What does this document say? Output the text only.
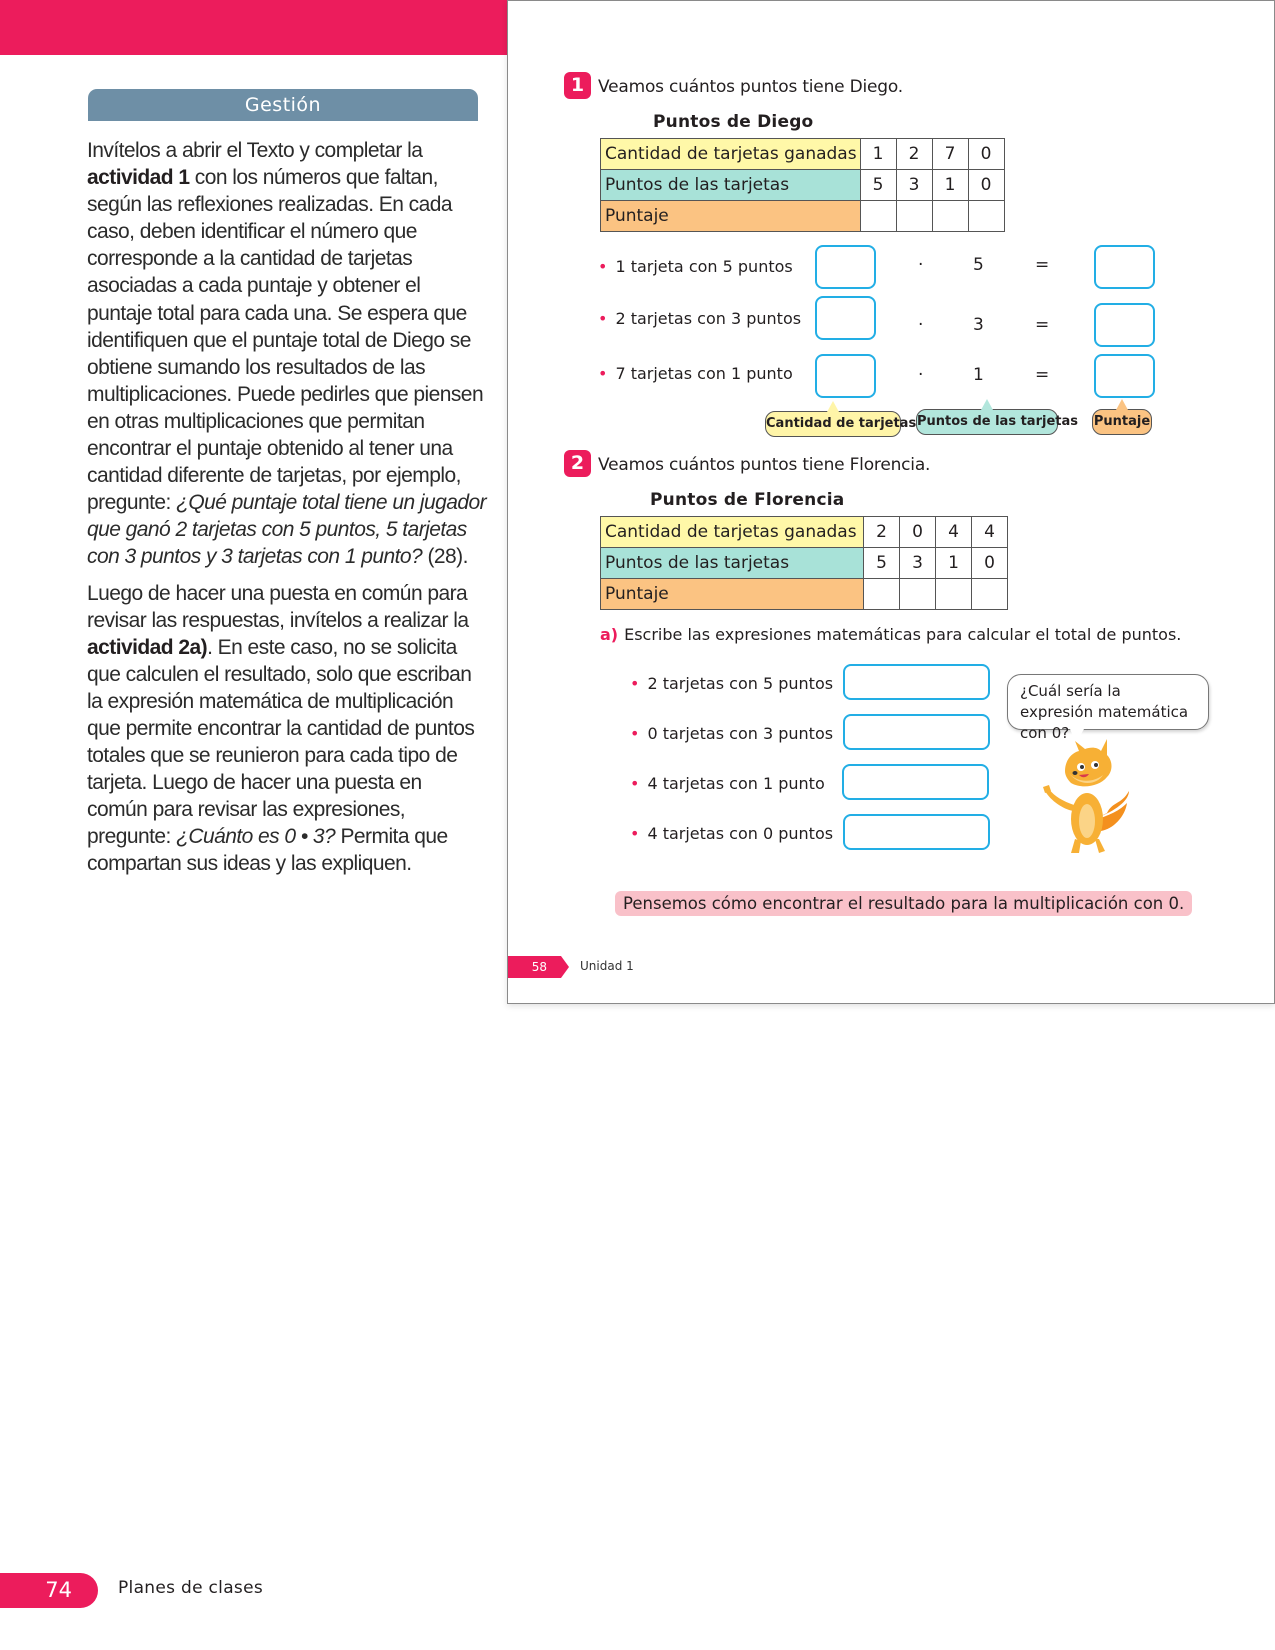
Gestión

Invítelos a abrir el Texto y completar la actividad 1 con los números que faltan, según las reflexiones realizadas. En cada caso, deben identificar el número que corresponde a la cantidad de tarjetas asociadas a cada puntaje y obtener el puntaje total para cada una. Se espera que identifiquen que el puntaje total de Diego se obtiene sumando los resultados de las multiplicaciones. Puede pedirles que piensen en otras multiplicaciones que permitan encontrar el puntaje obtenido al tener una cantidad diferente de tarjetas, por ejemplo, pregunte: ¿Qué puntaje total tiene un jugador que ganó 2 tarjetas con 5 puntos, 5 tarjetas con 3 puntos y 3 tarjetas con 1 punto? (28).

Luego de hacer una puesta en común para revisar las respuestas, invítelos a realizar la actividad 2a). En este caso, no se solicita que calculen el resultado, solo que escriban la expresión matemática de multiplicación que permite encontrar la cantidad de puntos totales que se reunieron para cada tipo de tarjeta. Luego de hacer una puesta en común para revisar las expresiones, pregunte: ¿Cuánto es 0 • 3? Permita que compartan sus ideas y las expliquen.

1 Veamos cuántos puntos tiene Diego.
Puntos de Diego
Cantidad de tarjetas ganadas	1	2	7	0
Puntos de las tarjetas	5	3	1	0
Puntaje				
• 1 tarjeta con 5 puntos	·	5	=
• 2 tarjetas con 3 puntos	·	3	=
• 7 tarjetas con 1 punto	·	1	=
Cantidad de tarjetas Puntos de las tarjetas Puntaje
2 Veamos cuántos puntos tiene Florencia.
Puntos de Florencia
Cantidad de tarjetas ganadas	2	0	4	4
Puntos de las tarjetas	5	3	1	0
Puntaje				
a) Escribe las expresiones matemáticas para calcular el total de puntos.
• 2 tarjetas con 5 puntos
• 0 tarjetas con 3 puntos
• 4 tarjetas con 1 punto
• 4 tarjetas con 0 puntos
¿Cuál sería la expresión matemática con 0?
Pensemos cómo encontrar el resultado para la multiplicación con 0.
58	Unidad 1
74	Planes de clases
